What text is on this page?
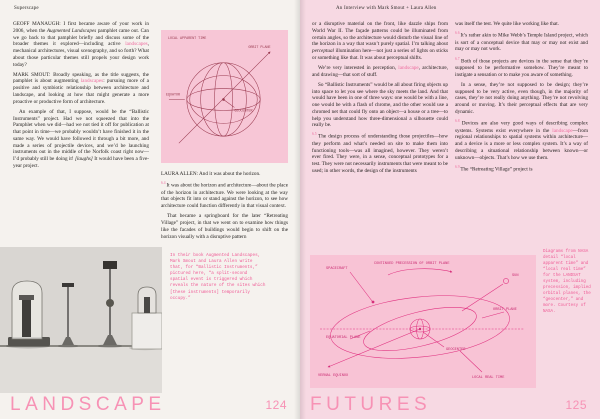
Superscape

GEOFF MANAUGH: I first became aware of your work in 2006, when the Augmented Landscapes pamphlet came out. Can we go back to that pamphlet briefly and discuss some of the broader themes it explored—including active landscapes, mechanical architectures, visual scenography, and so forth? What about those particular themes still propels your design work today?

MARK SMOUT: Broadly speaking, as the title suggests, the pamphlet is about augmenting landscapes: pursuing more of a positive and symbiotic relationship between architecture and landscape, and looking at how that might generate a more proactive or productive form of architecture.

An example of that, I suppose, would be the “Ballistic Instruments” project. Had we not squeezed that into the Pamphlet when we did—had we not tied it off for publication at that point in time—we probably wouldn’t have finished it in the same way. We would have followed it through a bit more, and made a series of projectile devices, and we’d be launching instruments out in the middle of the Norfolk coast right now—I’d probably still be doing it! [laughs] It would have been a five-year project.

LOCAL APPARENT TIME
ORBIT PLANE
EQUATOR
GEOCENTER

LAURA ALLEN: And it was about the horizon.

$^{6.4}$ It was about the horizon and architecture—about the place of the horizon in architecture. We were looking at the way that objects fit into or stand against the horizon, to see how architecture could function differently in that visual context.

That became a springboard for the later “Retreating Village” project, in that we went on to examine how things like the facades of buildings would begin to shift on the horizon visually with a disruptive pattern

In their book Augmented Landscapes, Mark Smout and Laura Allen write that, for “Ballistic Instruments,” pictured here, “a split-second spatial event is triggered which reveals the nature of the sites which [these instruments] temporarily occupy.”
LANDSCAPE	124
An Interview with Mark Smout + Laura Allen

or a disruptive material on the front, like dazzle ships from World War II. The façade patterns could be illuminated from certain angles, so the architecture would disturb the visual line of the horizon in a way that wasn’t purely spatial. I’m talking about perceptual illumination here—not just a series of lights on sticks or something like that. It was about perceptual shifts.

We’re very interested in perception, landscape, architecture, and drawing—that sort of stuff.

So “Ballistic Instruments” would be all about firing objects up into space to let you see where the sky meets the land. And that would have been in one of three ways: one would be with a line, one would be with a flash of chrome, and the other would use a chromed net that could fly onto an object—a house or a tree—to help you understand how three-dimensional a silhouette could really be.

$^{6.5}$ The design process of understanding those projectiles—how they perform and what’s needed on site to make them into functioning tools—was all imagined, however. They weren’t ever fired. They were, in a sense, conceptual prototypes for a test. They were not necessarily instruments that were meant to be used; in other words, the design of the instruments

was itself the test. We quite like working like that.

$^{6.6}$ It’s rather akin to Mike Webb’s Temple Island project, which is sort of a conceptual device that may or may not exist and may or may not work.

$^{6.7}$ Both of those projects are devices in the sense that they’re supposed to be performative somehow. They’re meant to instigate a sensation or to make you aware of something.

In a sense, they’re not supposed to be design; they’re supposed to be very active, even though, in the majority of cases, they’re not really doing anything. They’re not revolving around or moving. It’s their perceptual effects that are very dynamic.

$^{6.8}$ Devices are also very good ways of describing complex systems. Systems exist everywhere in the landscape—from regional relationships to spatial systems within architecture—and a device is a more or less complex system. It’s a way of describing a situational relationship between known—or unknown—objects. That’s how we use them.

$^{6.9}$ The “Retreating Village” project is

Diagrams from NASA detail “local apparent time” and “local real time” for the LANDSAT system, including precession, implied orbital planes, the “geocenter,” and more. Courtesy of NASA.
SPACECRAFT
CONTINUED PRECESSION OF ORBIT PLANE
SUN
ORBIT PLANE
EQUATORIAL PLANE
GEOCENTER
VERNAL EQUINOX	LOCAL REAL TIME
FUTURES	125
